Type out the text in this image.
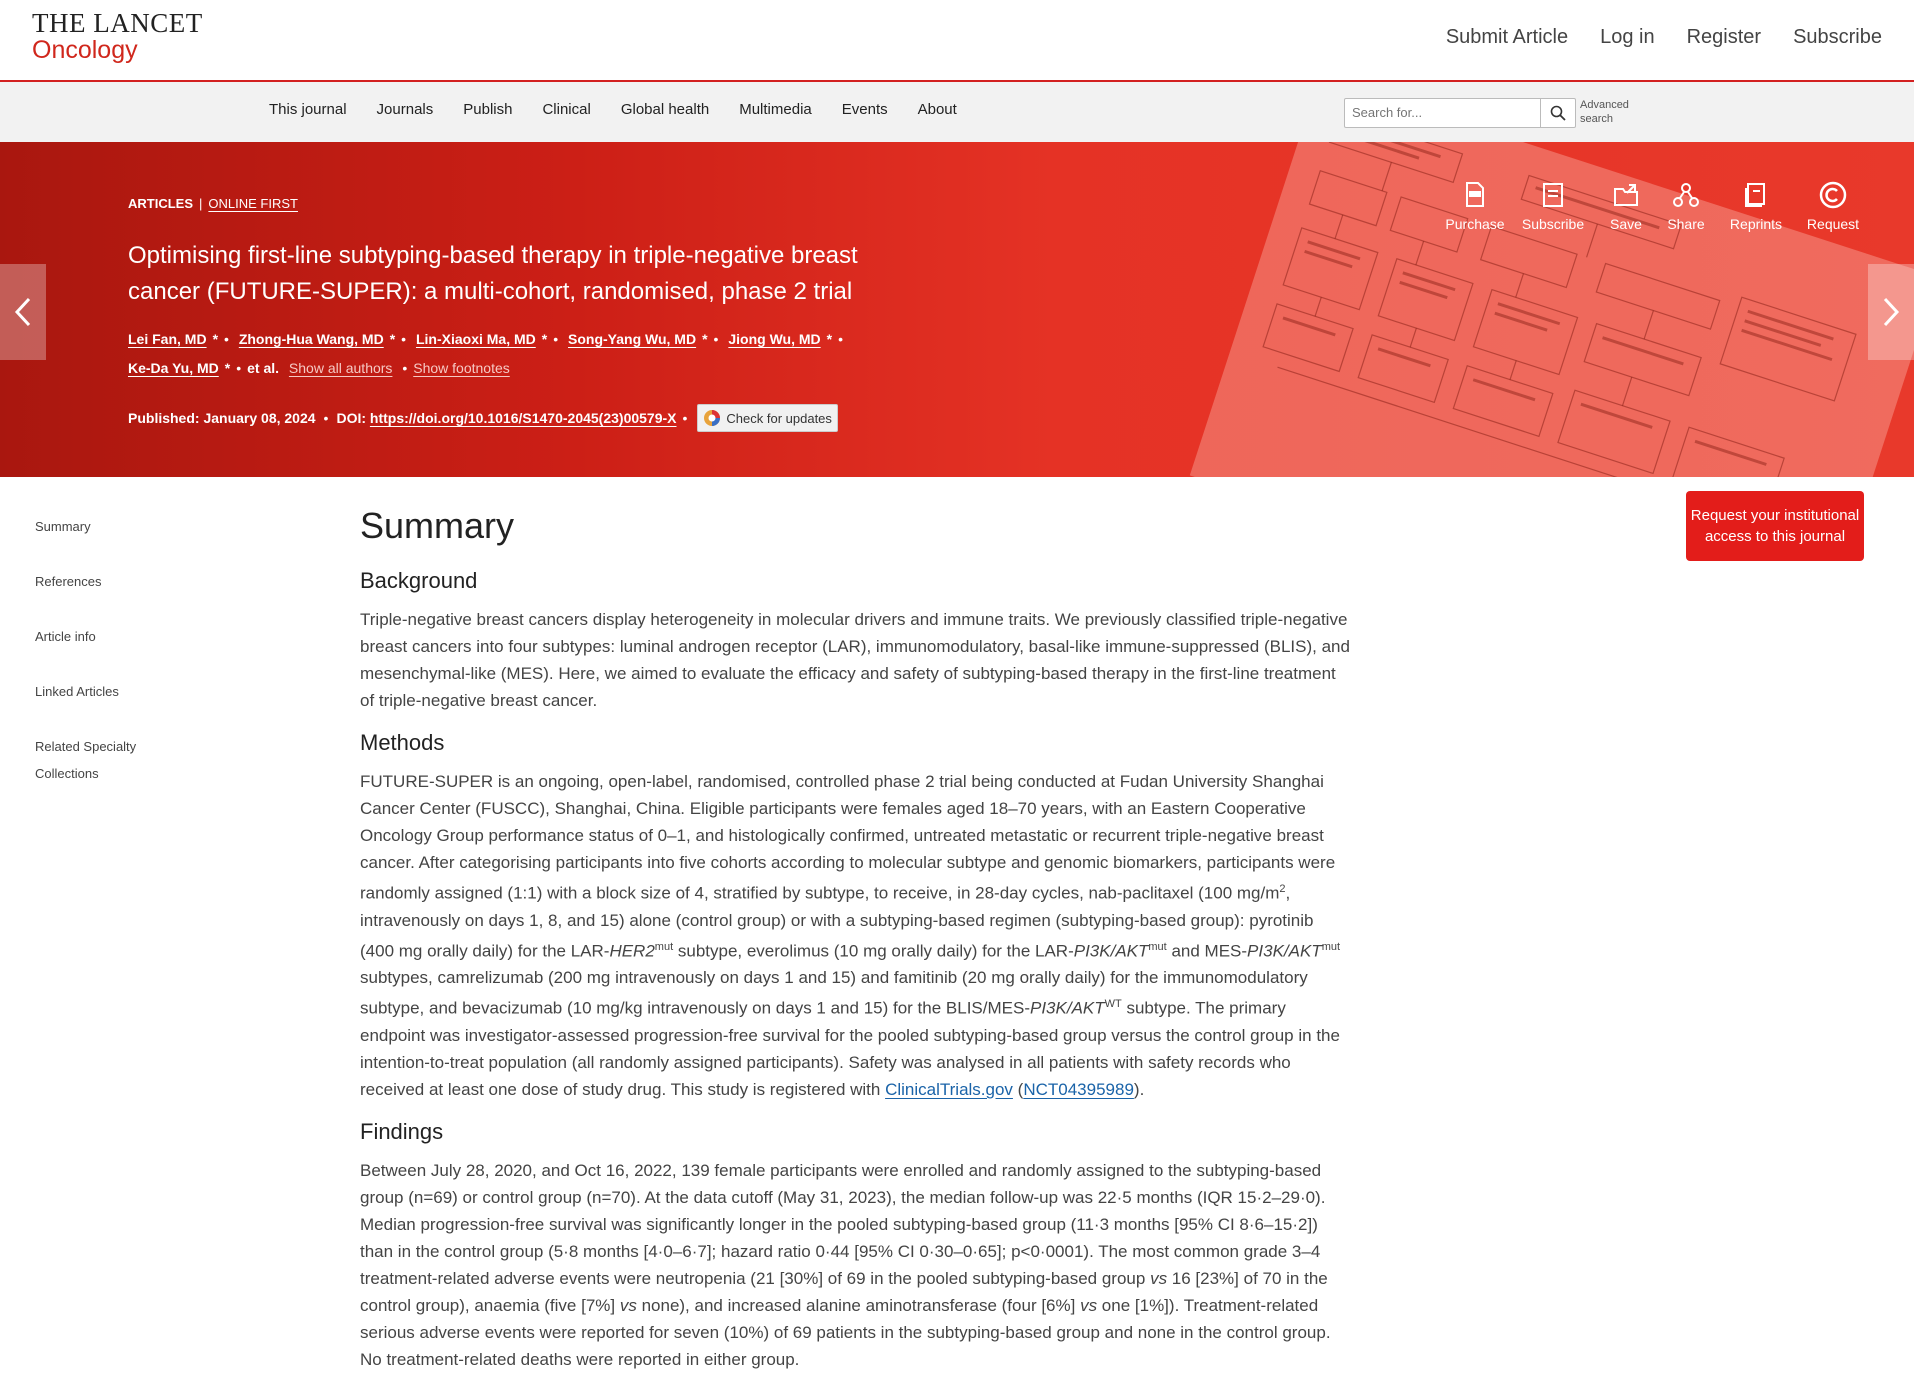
THE LANCET
Oncology	Submit Article Log in Register Subscribe
This journal Journals Publish Clinical Global health Multimedia Events About
Search for...	Advanced search
ARTICLES | ONLINE FIRST
Optimising first-line subtyping-based therapy in triple-negative breast cancer (FUTURE-SUPER): a multi-cohort, randomised, phase 2 trial
Lei Fan, MD * • Zhong-Hua Wang, MD * • Lin-Xiaoxi Ma, MD * • Song-Yang Wu, MD * • Jiong Wu, MD * •
Ke-Da Yu, MD * • et al. Show all authors • Show footnotes
Published:
January 08, 2024 • DOI:
https://doi.org/10.1016/S1470-2045(23)00579-X •	Check for updates
Purchase Subscribe Save Share Reprints Request
Summary
References
Article info
Linked Articles
Related Specialty Collections
Summary
Background

Triple-negative breast cancers display heterogeneity in molecular drivers and immune traits. We previously classified triple-negative breast cancers into four subtypes: luminal androgen receptor (LAR), immunomodulatory, basal-like immune-suppressed (BLIS), and mesenchymal-like (MES). Here, we aimed to evaluate the efficacy and safety of subtyping-based therapy in the first-line treatment of triple-negative breast cancer.

Methods

FUTURE-SUPER is an ongoing, open-label, randomised, controlled phase 2 trial being conducted at Fudan University Shanghai Cancer Center (FUSCC), Shanghai, China. Eligible participants were females aged 18–70 years, with an Eastern Cooperative Oncology Group performance status of 0–1, and histologically confirmed, untreated metastatic or recurrent triple-negative breast cancer. After categorising participants into five cohorts according to molecular subtype and genomic biomarkers, participants were randomly assigned (1:1) with a block size of 4, stratified by subtype, to receive, in 28-day cycles, nab-paclitaxel (100 $mg/m^2$, intravenously on days 1, 8, and 15) alone (control group) or with a subtyping-based regimen (subtyping-based group): pyrotinib (400 mg orally daily) for the LAR-$HER2^{mut}$ subtype, everolimus (10 mg orally daily) for the LAR-$PI3K/AKT^{mut}$ and MES-$PI3K/AKT^{mut}$ subtypes, camrelizumab (200 mg intravenously on days 1 and 15) and famitinib (20 mg orally daily) for the immunomodulatory subtype, and bevacizumab (10 mg/kg intravenously on days 1 and 15) for the BLIS/$MES-PI3K/AKT^{WT}$ subtype. The primary endpoint was investigator-assessed progression-free survival for the pooled subtyping-based group versus the control group in the intention-to-treat population (all randomly assigned participants). Safety was analysed in all patients with safety records who received at least one dose of study drug. This study is registered with ClinicalTrials.gov (NCT04395989).

Findings

Between July 28, 2020, and Oct 16, 2022, 139 female participants were enrolled and randomly assigned to the subtyping-based group (n=69) or control group (n=70). At the data cutoff (May 31, 2023), the median follow-up was 22·5 months (IQR 15·2–29·0). Median progression-free survival was significantly longer in the pooled subtyping-based group (11·3 months [95% CI 8·6–15·2]) than in the control group (5·8 months [4·0–6·7]; hazard ratio 0·44 [95% CI 0·30–0·65]; p<0·0001). The most common grade 3–4 treatment-related adverse events were neutropenia (21 [30%] of 69 in the pooled subtyping-based group vs 16 [23%] of 70 in the control group), anaemia (five [7%] vs none), and increased alanine aminotransferase (four [6%] vs one [1%]). Treatment-related serious adverse events were reported for seven (10%) of 69 patients in the subtyping-based group and none in the control group. No treatment-related deaths were reported in either group.

Request your institutional access to this journal
